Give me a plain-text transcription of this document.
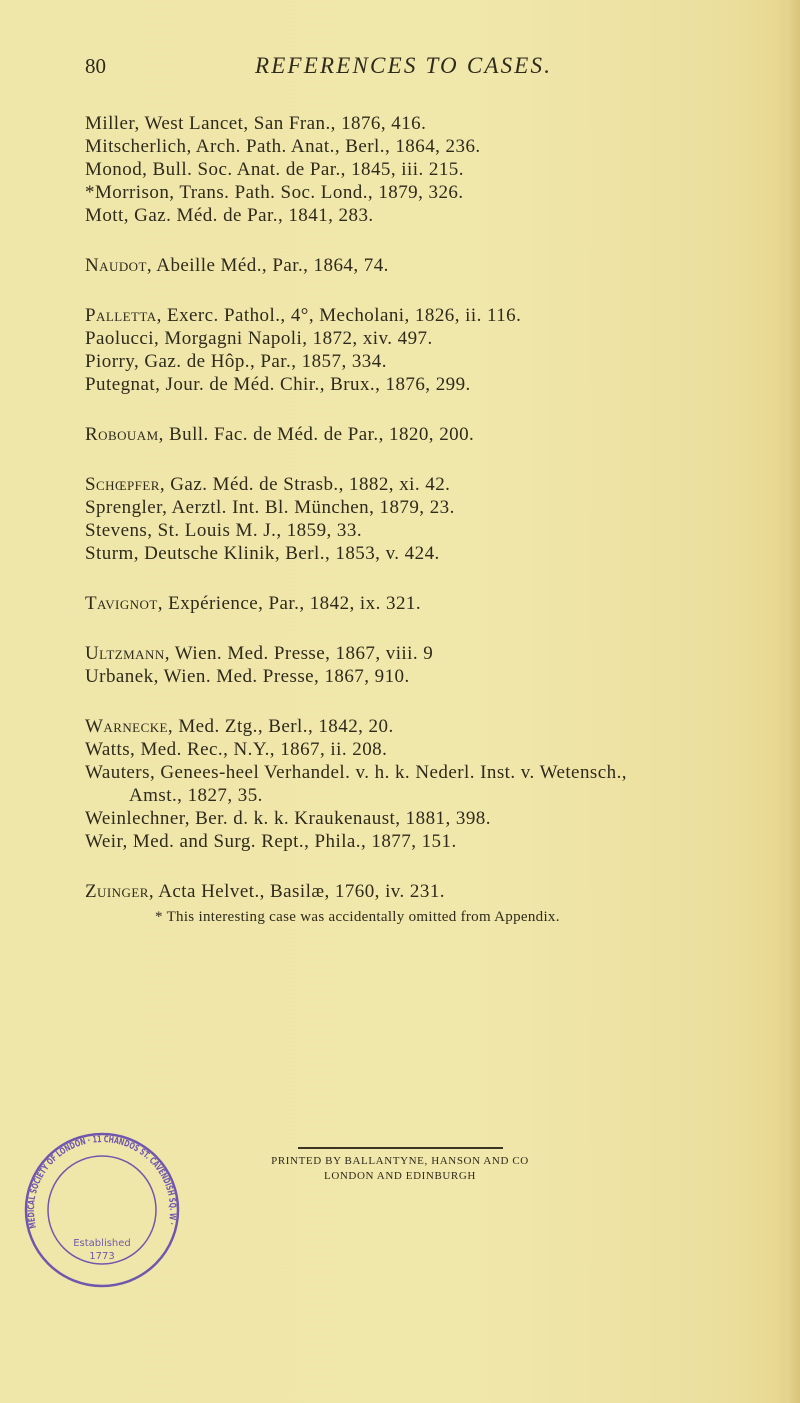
80	REFERENCES TO CASES.
Miller, West Lancet, San Fran., 1876, 416.
Mitscherlich, Arch. Path. Anat., Berl., 1864, 236.
Monod, Bull. Soc. Anat. de Par., 1845, iii. 215.
*Morrison, Trans. Path. Soc. Lond., 1879, 326.
Mott, Gaz. Méd. de Par., 1841, 283.
Naudot, Abeille Méd., Par., 1864, 74.
Palletta, Exerc. Pathol., 4°, Mecholani, 1826, ii. 116.
Paolucci, Morgagni Napoli, 1872, xiv. 497.
Piorry, Gaz. de Hôp., Par., 1857, 334.
Putegnat, Jour. de Méd. Chir., Brux., 1876, 299.
Robouam, Bull. Fac. de Méd. de Par., 1820, 200.
Schœpfer, Gaz. Méd. de Strasb., 1882, xi. 42.
Sprengler, Aerztl. Int. Bl. München, 1879, 23.
Stevens, St. Louis M. J., 1859, 33.
Sturm, Deutsche Klinik, Berl., 1853, v. 424.
Tavignot, Expérience, Par., 1842, ix. 321.
Ultzmann, Wien. Med. Presse, 1867, viii. 9
Urbanek, Wien. Med. Presse, 1867, 910.
Warnecke, Med. Ztg., Berl., 1842, 20.
Watts, Med. Rec., N.Y., 1867, ii. 208.
Wauters, Genees-heel Verhandel. v. h. k. Nederl. Inst. v. Wetensch.,
Amst., 1827, 35.
Weinlechner, Ber. d. k. k. Kraukenaust, 1881, 398.
Weir, Med. and Surg. Rept., Phila., 1877, 151.
Zuinger, Acta Helvet., Basilæ, 1760, iv. 231.
* This interesting case was accidentally omitted from Appendix.
MEDICAL SOCIETY OF LONDON · 11 CHANDOS ST. CAVENDISH SQ. W ·
Established
1773
PRINTED BY BALLANTYNE, HANSON AND CO
LONDON AND EDINBURGH
